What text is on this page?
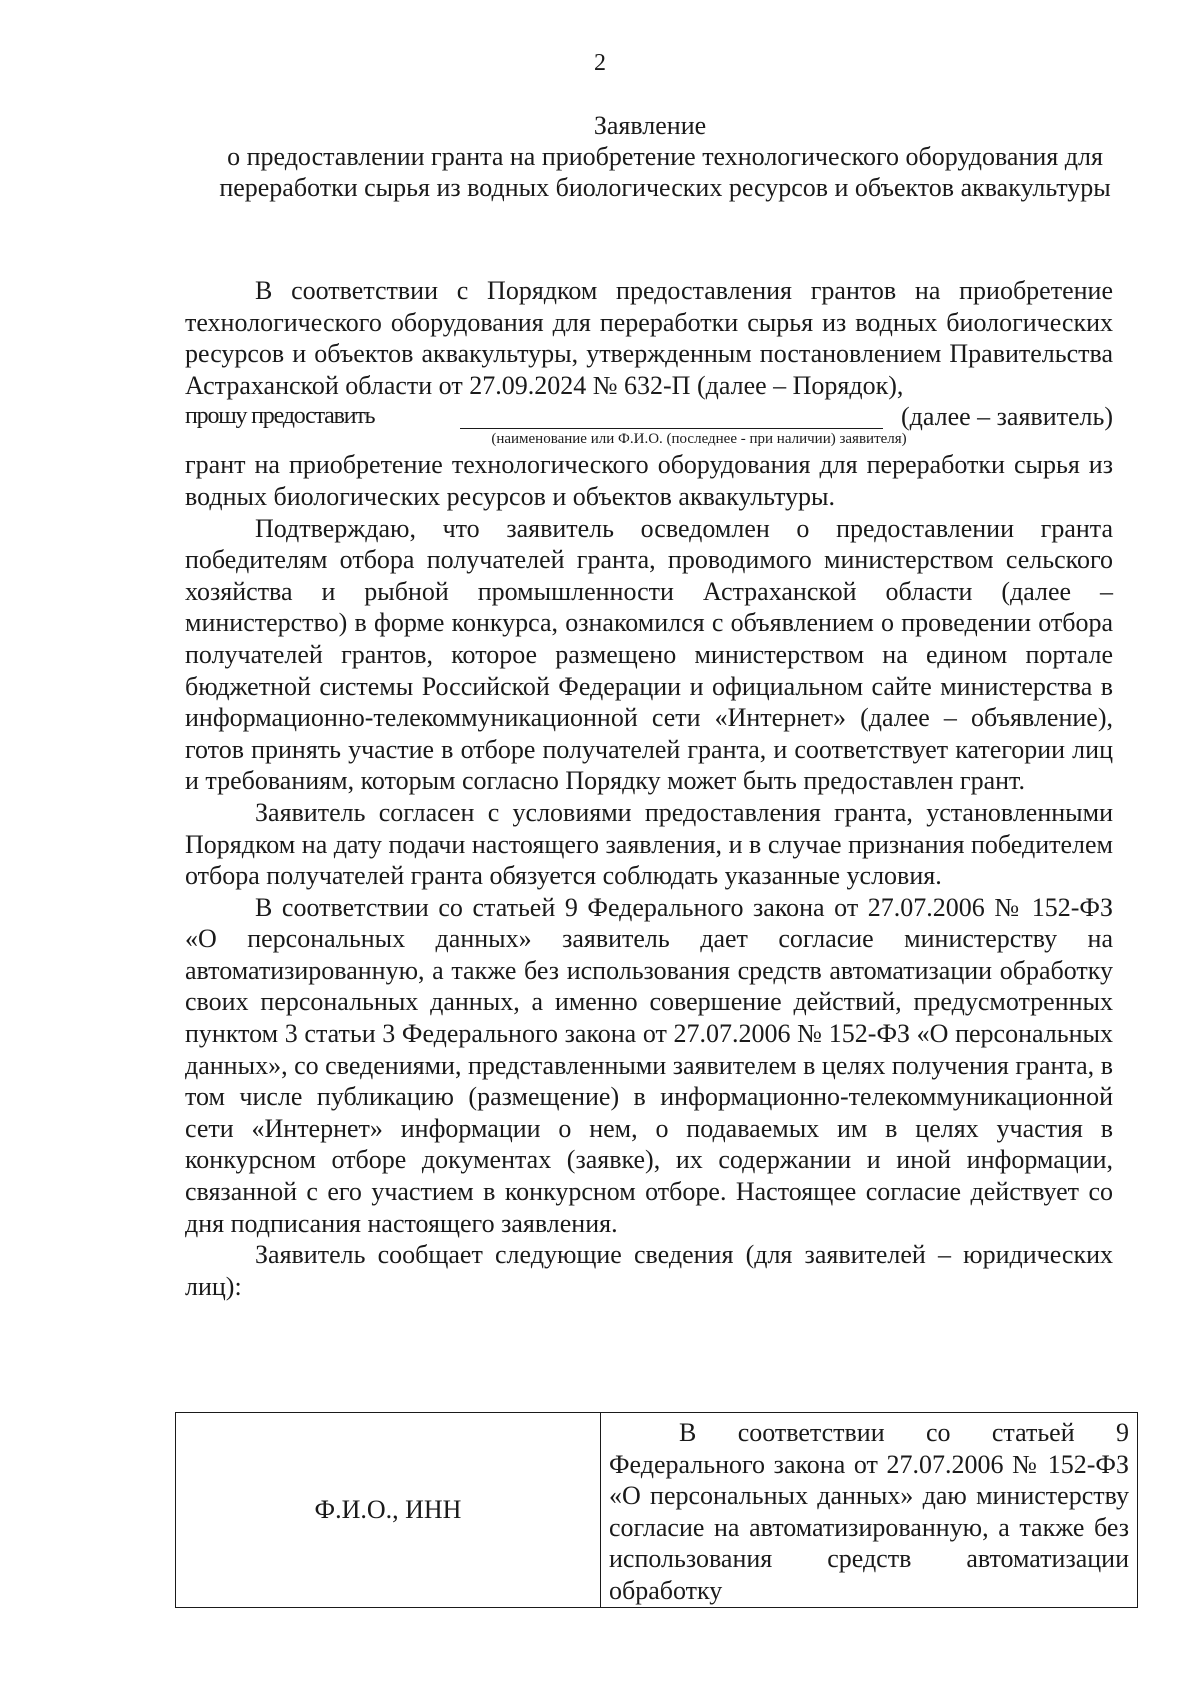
2
Заявление
о предоставлении гранта на приобретение технологического оборудования для переработки сырья из водных биологических ресурсов и объектов аквакультуры

В соответствии с Порядком предоставления грантов на приобретение технологического оборудования для переработки сырья из водных биологических ресурсов и объектов аквакультуры, утвержденным постановлением Правительства Астраханской области от 27.09.2024 № 632-П (далее – Порядок),

прошу предоставить	(далее – заявитель)
(наименование или Ф.И.О. (последнее - при наличии) заявителя)

грант на приобретение технологического оборудования для переработки сырья из водных биологических ресурсов и объектов аквакультуры.

Подтверждаю, что заявитель осведомлен о предоставлении гранта победителям отбора получателей гранта, проводимого министерством сельского хозяйства и рыбной промышленности Астраханской области (далее – министерство) в форме конкурса, ознакомился с объявлением о проведении отбора получателей грантов, которое размещено министерством на едином портале бюджетной системы Российской Федерации и официальном сайте министерства в информационно-телекоммуникационной сети «Интернет» (далее – объявление), готов принять участие в отборе получателей гранта, и соответствует категории лиц и требованиям, которым согласно Порядку может быть предоставлен грант.

Заявитель согласен с условиями предоставления гранта, установленными Порядком на дату подачи настоящего заявления, и в случае признания победителем отбора получателей гранта обязуется соблюдать указанные условия.

В соответствии со статьей 9 Федерального закона от 27.07.2006 № 152-ФЗ «О персональных данных» заявитель дает согласие министерству на автоматизированную, а также без использования средств автоматизации обработку своих персональных данных, а именно совершение действий, предусмотренных пунктом 3 статьи 3 Федерального закона от 27.07.2006 № 152-ФЗ «О персональных данных», со сведениями, представленными заявителем в целях получения гранта, в том числе публикацию (размещение) в информационно-телекоммуникационной сети «Интернет» информации о нем, о подаваемых им в целях участия в конкурсном отборе документах (заявке), их содержании и иной информации, связанной с его участием в конкурсном отборе. Настоящее согласие действует со дня подписания настоящего заявления.

Заявитель сообщает следующие сведения (для заявителей – юридических лиц):

Ф.И.О., ИНН	В соответствии со статьей 9 Федерального закона от 27.07.2006 № 152-ФЗ «О персональных данных» даю министерству согласие на автоматизированную, а также без использования средств автоматизации обработку
